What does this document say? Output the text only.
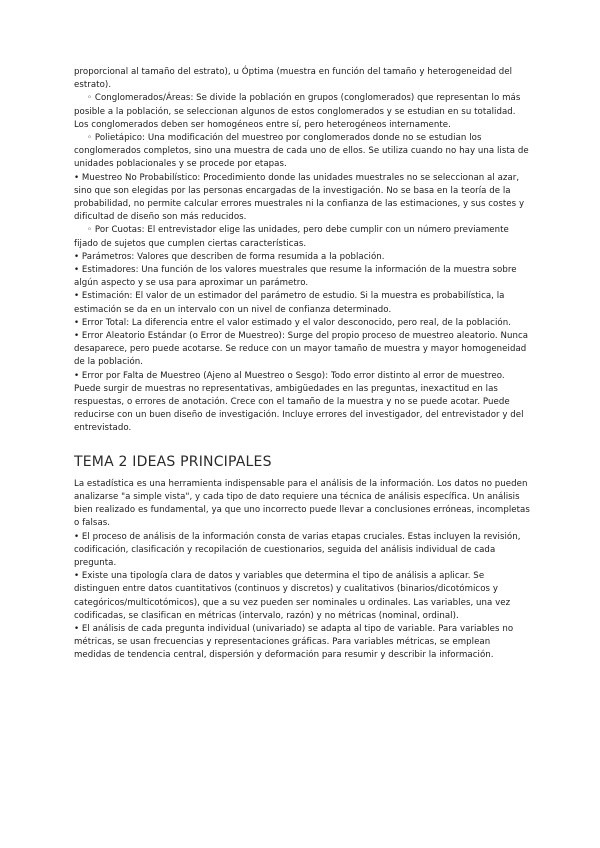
proporcional al tamaño del estrato), u Óptima (muestra en función del tamaño y heterogeneidad del estrato).

◦ Conglomerados/Áreas: Se divide la población en grupos (conglomerados) que representan lo más posible a la población, se seleccionan algunos de estos conglomerados y se estudian en su totalidad. Los conglomerados deben ser homogéneos entre sí, pero heterogéneos internamente.

◦ Polietápico: Una modificación del muestreo por conglomerados donde no se estudian los conglomerados completos, sino una muestra de cada uno de ellos. Se utiliza cuando no hay una lista de unidades poblacionales y se procede por etapas.

• Muestreo No Probabilístico: Procedimiento donde las unidades muestrales no se seleccionan al azar, sino que son elegidas por las personas encargadas de la investigación. No se basa en la teoría de la probabilidad, no permite calcular errores muestrales ni la confianza de las estimaciones, y sus costes y dificultad de diseño son más reducidos.

◦ Por Cuotas: El entrevistador elige las unidades, pero debe cumplir con un número previamente fijado de sujetos que cumplen ciertas características.

• Parámetros: Valores que describen de forma resumida a la población.

• Estimadores: Una función de los valores muestrales que resume la información de la muestra sobre algún aspecto y se usa para aproximar un parámetro.

• Estimación: El valor de un estimador del parámetro de estudio. Si la muestra es probabilística, la estimación se da en un intervalo con un nivel de confianza determinado.

• Error Total: La diferencia entre el valor estimado y el valor desconocido, pero real, de la población.

• Error Aleatorio Estándar (o Error de Muestreo): Surge del propio proceso de muestreo aleatorio. Nunca desaparece, pero puede acotarse. Se reduce con un mayor tamaño de muestra y mayor homogeneidad de la población.

• Error por Falta de Muestreo (Ajeno al Muestreo o Sesgo): Todo error distinto al error de muestreo. Puede surgir de muestras no representativas, ambigüedades en las preguntas, inexactitud en las respuestas, o errores de anotación. Crece con el tamaño de la muestra y no se puede acotar. Puede reducirse con un buen diseño de investigación. Incluye errores del investigador, del entrevistador y del entrevistado.

TEMA 2 IDEAS PRINCIPALES

La estadística es una herramienta indispensable para el análisis de la información. Los datos no pueden analizarse "a simple vista", y cada tipo de dato requiere una técnica de análisis específica. Un análisis bien realizado es fundamental, ya que uno incorrecto puede llevar a conclusiones erróneas, incompletas o falsas.

• El proceso de análisis de la información consta de varias etapas cruciales. Estas incluyen la revisión, codificación, clasificación y recopilación de cuestionarios, seguida del análisis individual de cada pregunta.

• Existe una tipología clara de datos y variables que determina el tipo de análisis a aplicar. Se distinguen entre datos cuantitativos (continuos y discretos) y cualitativos (binarios/dicotómicos y categóricos/multicotómicos), que a su vez pueden ser nominales u ordinales. Las variables, una vez codificadas, se clasifican en métricas (intervalo, razón) y no métricas (nominal, ordinal).

• El análisis de cada pregunta individual (univariado) se adapta al tipo de variable. Para variables no métricas, se usan frecuencias y representaciones gráficas. Para variables métricas, se emplean medidas de tendencia central, dispersión y deformación para resumir y describir la información.
